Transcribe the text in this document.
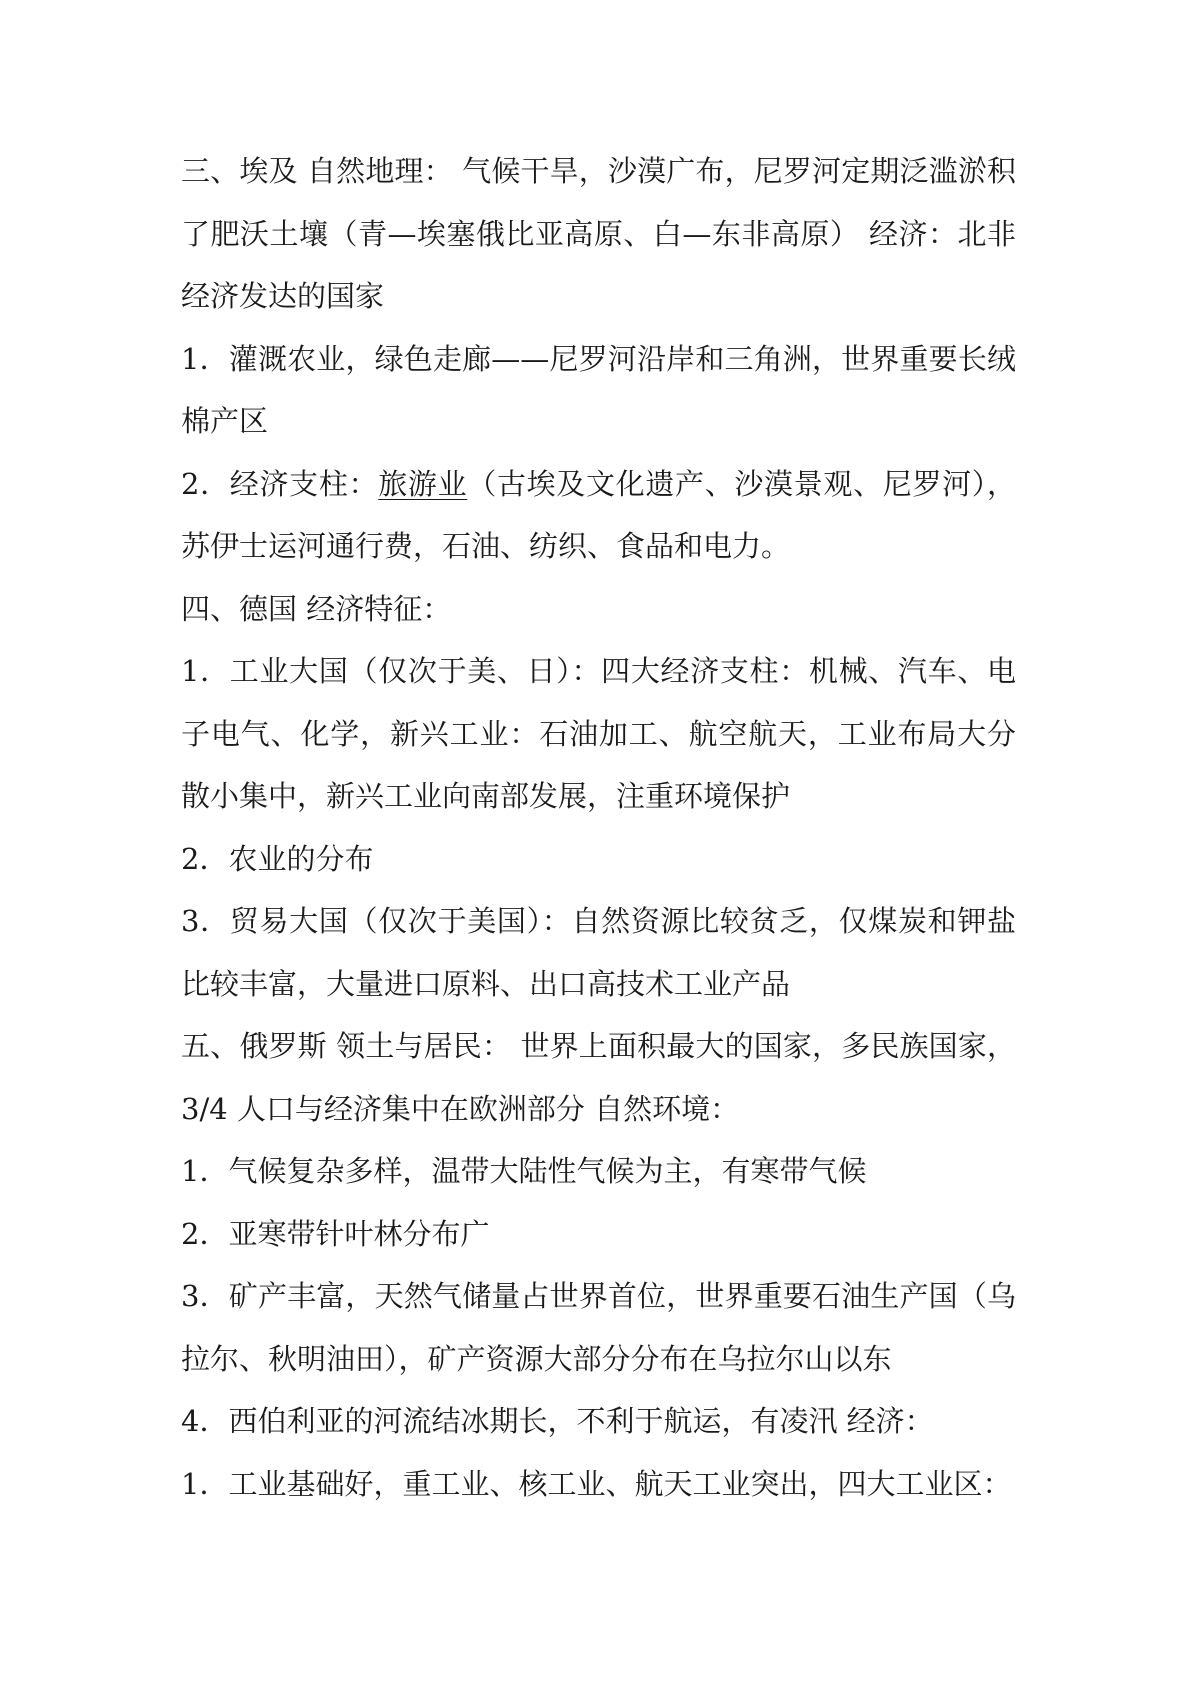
三、埃及 自然地理： 气候干旱，沙漠广布，尼罗河定期泛滥淤积了肥沃土壤（青—埃塞俄比亚高原、白—东非高原） 经济：北非经济发达的国家

1．灌溉农业，绿色走廊——尼罗河沿岸和三角洲，世界重要长绒棉产区

2．经济支柱：旅游业（古埃及文化遗产、沙漠景观、尼罗河），苏伊士运河通行费，石油、纺织、食品和电力。

四、德国 经济特征：

1．工业大国（仅次于美、日）：四大经济支柱：机械、汽车、电子电气、化学，新兴工业：石油加工、航空航天，工业布局大分散小集中，新兴工业向南部发展，注重环境保护

2．农业的分布

3．贸易大国（仅次于美国）：自然资源比较贫乏，仅煤炭和钾盐比较丰富，大量进口原料、出口高技术工业产品

五、俄罗斯 领土与居民： 世界上面积最大的国家，多民族国家，3/4 人口与经济集中在欧洲部分 自然环境：

1．气候复杂多样，温带大陆性气候为主，有寒带气候

2．亚寒带针叶林分布广

3．矿产丰富，天然气储量占世界首位，世界重要石油生产国（乌拉尔、秋明油田），矿产资源大部分分布在乌拉尔山以东

4．西伯利亚的河流结冰期长，不利于航运，有凌汛 经济：

1．工业基础好，重工业、核工业、航天工业突出，四大工业区：
